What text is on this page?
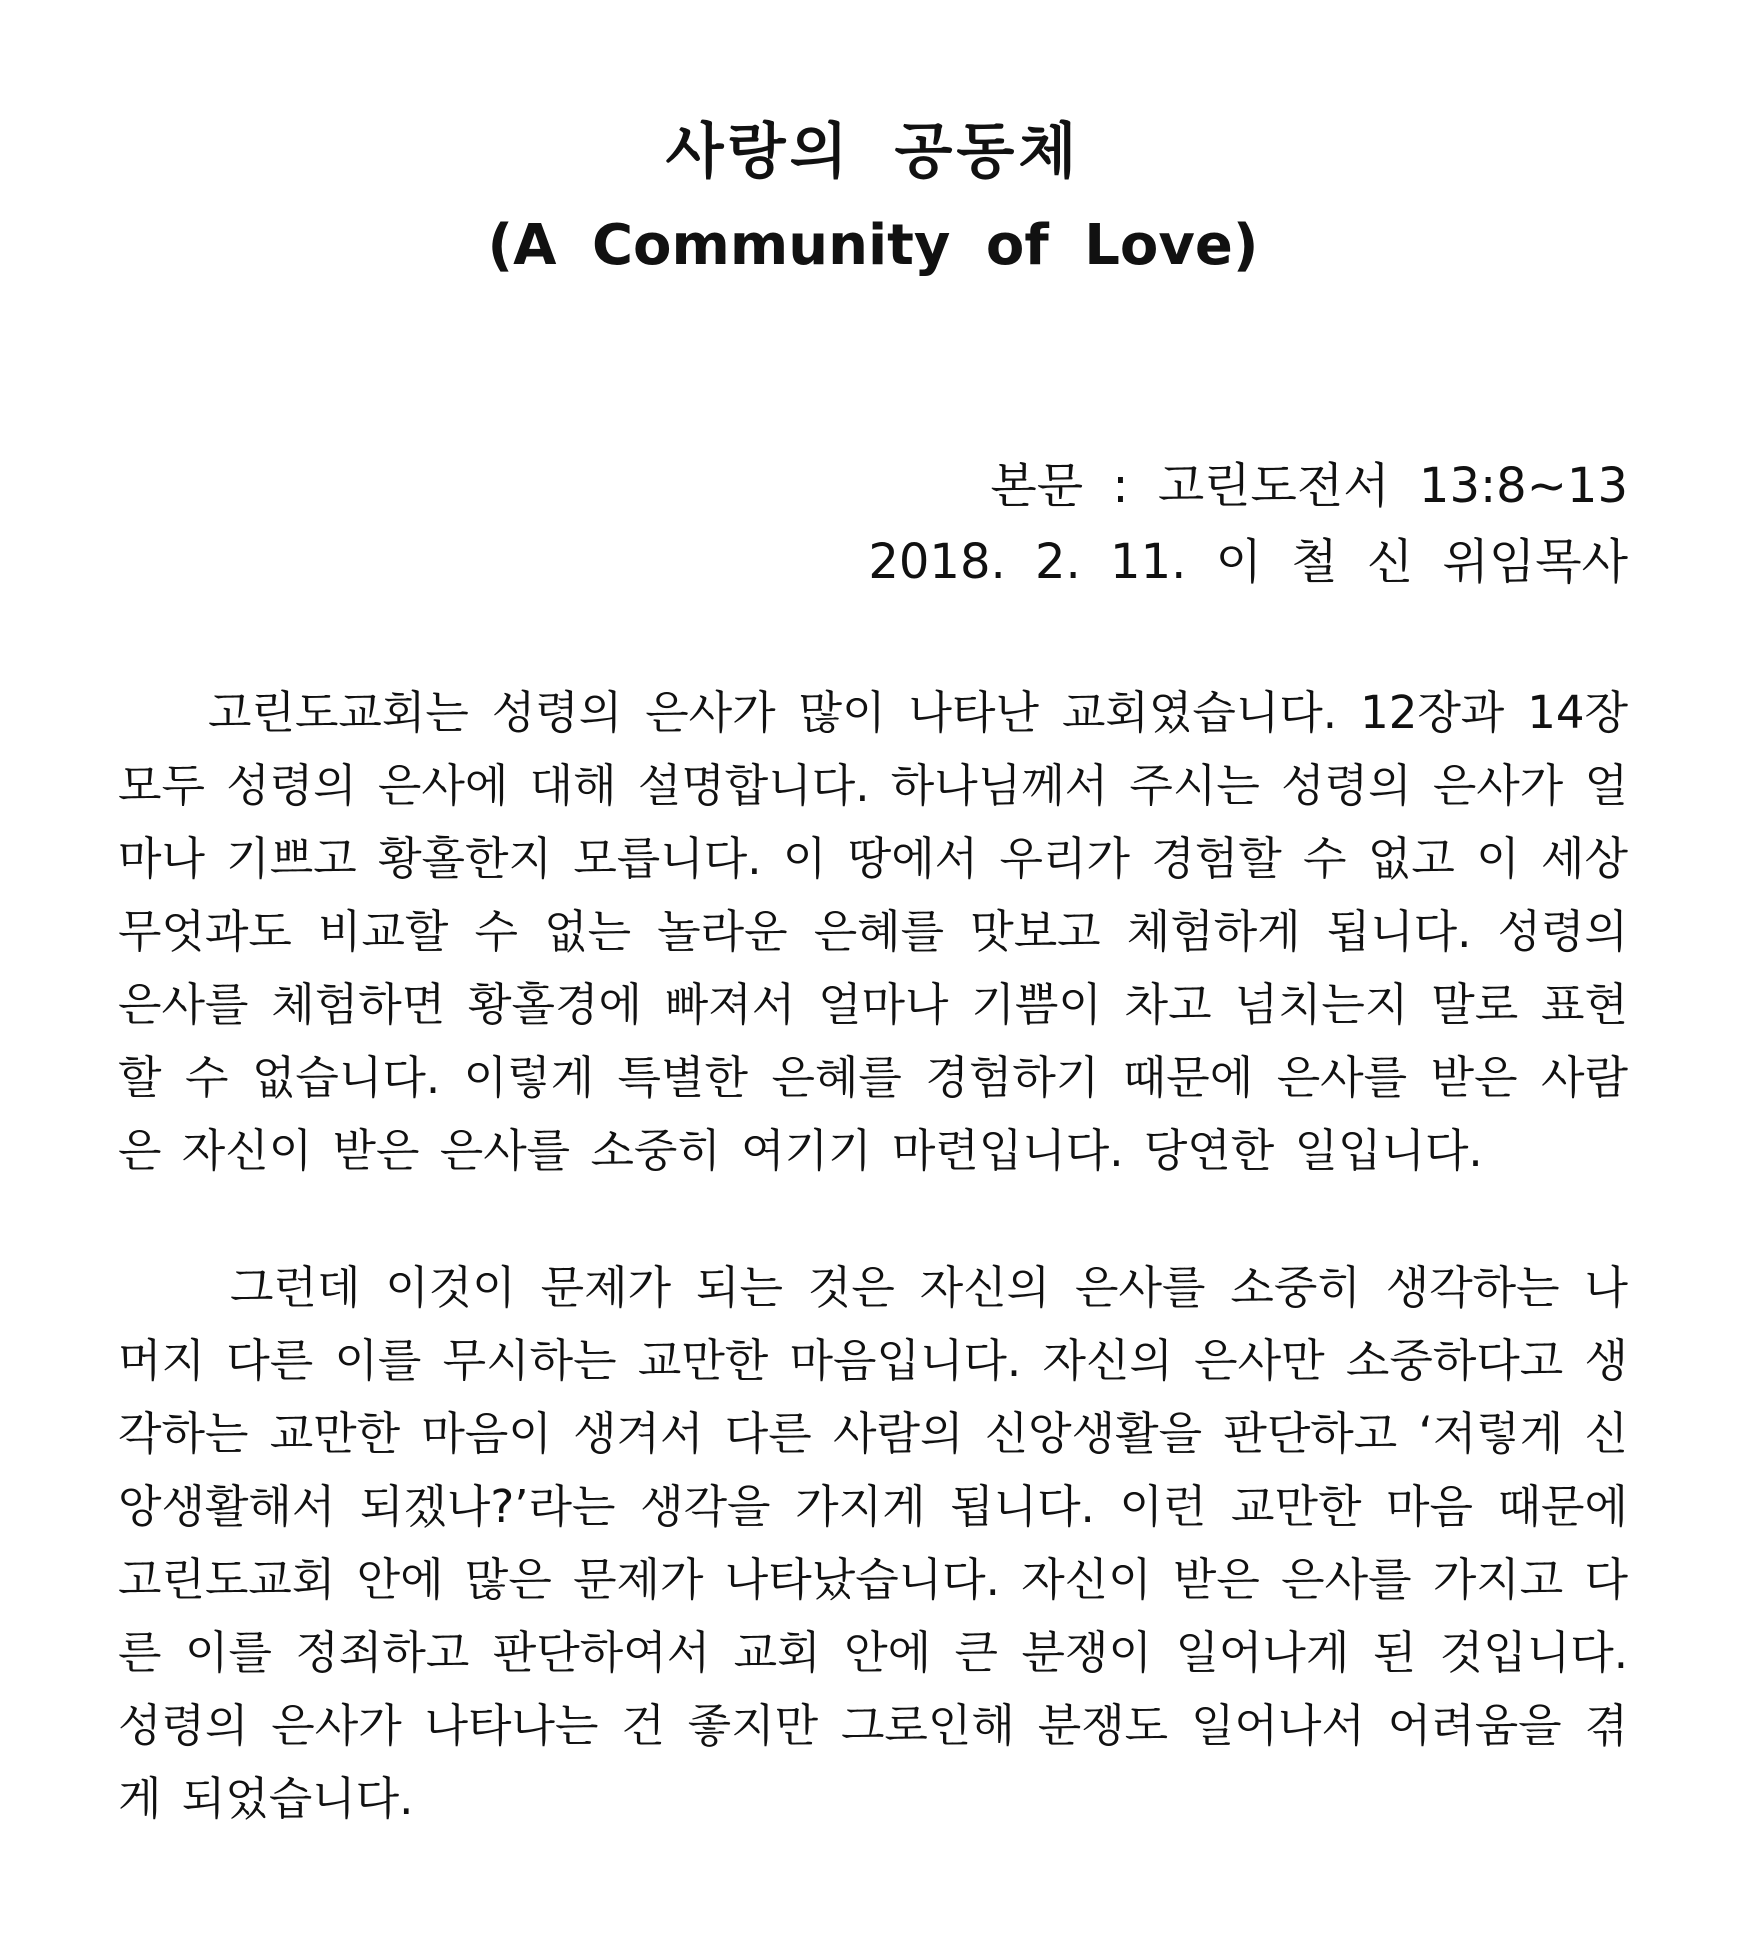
사랑의 공동체
(A Community of Love)
본문 : 고린도전서 13:8~13
2018. 2. 11. 이 철 신 위임목사

고린도교회는 성령의 은사가 많이 나타난 교회였습니다. 12장과 14장 모두 성령의 은사에 대해 설명합니다. 하나님께서 주시는 성령의 은사가 얼마나 기쁘고 황홀한지 모릅니다. 이 땅에서 우리가 경험할 수 없고 이 세상 무엇과도 비교할 수 없는 놀라운 은혜를 맛보고 체험하게 됩니다. 성령의 은사를 체험하면 황홀경에 빠져서 얼마나 기쁨이 차고 넘치는지 말로 표현할 수 없습니다. 이렇게 특별한 은혜를 경험하기 때문에 은사를 받은 사람은 자신이 받은 은사를 소중히 여기기 마련입니다. 당연한 일입니다.

그런데 이것이 문제가 되는 것은 자신의 은사를 소중히 생각하는 나머지 다른 이를 무시하는 교만한 마음입니다. 자신의 은사만 소중하다고 생각하는 교만한 마음이 생겨서 다른 사람의 신앙생활을 판단하고 ‘저렇게 신앙생활해서 되겠나?’라는 생각을 가지게 됩니다. 이런 교만한 마음 때문에 고린도교회 안에 많은 문제가 나타났습니다. 자신이 받은 은사를 가지고 다른 이를 정죄하고 판단하여서 교회 안에 큰 분쟁이 일어나게 된 것입니다. 성령의 은사가 나타나는 건 좋지만 그로인해 분쟁도 일어나서 어려움을 겪게 되었습니다.
